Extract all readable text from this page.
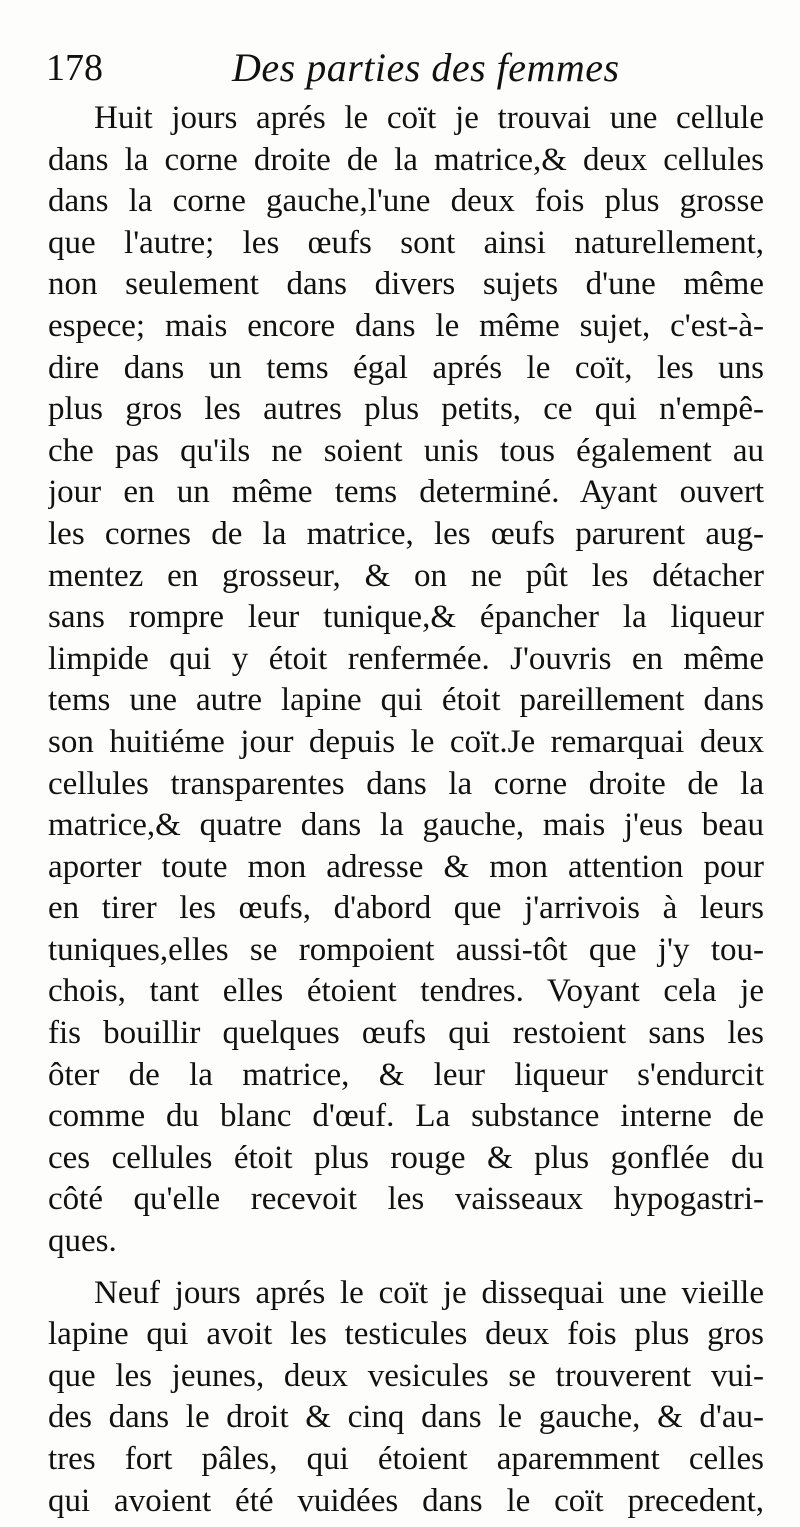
178	Des parties des femmes
Huit jours aprés le coït je trouvai une cellule
dans la corne droite de la matrice,& deux cellules
dans la corne gauche,l'une deux fois plus grosse
que l'autre; les œufs sont ainsi naturellement,
non seulement dans divers sujets d'une même
espece; mais encore dans le même sujet, c'est-à-
dire dans un tems égal aprés le coït, les uns
plus gros les autres plus petits, ce qui n'empê-
che pas qu'ils ne soient unis tous également au
jour en un même tems determiné. Ayant ouvert
les cornes de la matrice, les œufs parurent aug-
mentez en grosseur, & on ne pût les détacher
sans rompre leur tunique,& épancher la liqueur
limpide qui y étoit renfermée. J'ouvris en même
tems une autre lapine qui étoit pareillement dans
son huitiéme jour depuis le coït.Je remarquai deux
cellules transparentes dans la corne droite de la
matrice,& quatre dans la gauche, mais j'eus beau
aporter toute mon adresse & mon attention pour
en tirer les œufs, d'abord que j'arrivois à leurs
tuniques,elles se rompoient aussi-tôt que j'y tou-
chois, tant elles étoient tendres. Voyant cela je
fis bouillir quelques œufs qui restoient sans les
ôter de la matrice, & leur liqueur s'endurcit
comme du blanc d'œuf. La substance interne de
ces cellules étoit plus rouge & plus gonflée du
côté qu'elle recevoit les vaisseaux hypogastri-
ques.
Neuf jours aprés le coït je dissequai une vieille
lapine qui avoit les testicules deux fois plus gros
que les jeunes, deux vesicules se trouverent vui-
des dans le droit & cinq dans le gauche, & d'au-
tres fort pâles, qui étoient aparemment celles
qui avoient été vuidées dans le coït precedent,
